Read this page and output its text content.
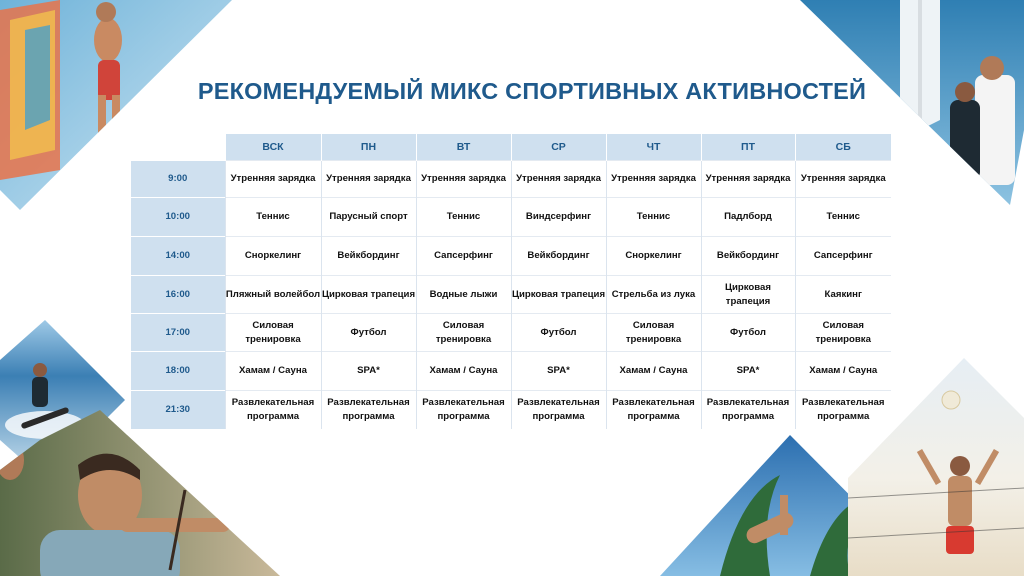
РЕКОМЕНДУЕМЫЙ МИКС СПОРТИВНЫХ АКТИВНОСТЕЙ
	ВСК	ПН	ВТ	СР	ЧТ	ПТ	СБ
9:00	Утренняя зарядка	Утренняя зарядка	Утренняя зарядка	Утренняя зарядка	Утренняя зарядка	Утренняя зарядка	Утренняя зарядка
10:00	Теннис	Парусный спорт	Теннис	Виндсерфинг	Теннис	Падлборд	Теннис
14:00	Сноркелинг	Вейкбординг	Сапсерфинг	Вейкбординг	Сноркелинг	Вейкбординг	Сапсерфинг
16:00	Пляжный волейбол	Цирковая трапеция	Водные лыжи	Цирковая трапеция	Стрельба из лука	Цирковая трапеция	Каякинг
17:00	Силовая тренировка	Футбол	Силовая тренировка	Футбол	Силовая тренировка	Футбол	Силовая тренировка
18:00	Хамам / Сауна	SPA*	Хамам / Сауна	SPA*	Хамам / Сауна	SPA*	Хамам / Сауна
21:30	Развлекательная программа	Развлекательная программа	Развлекательная программа	Развлекательная программа	Развлекательная программа	Развлекательная программа	Развлекательная программа
